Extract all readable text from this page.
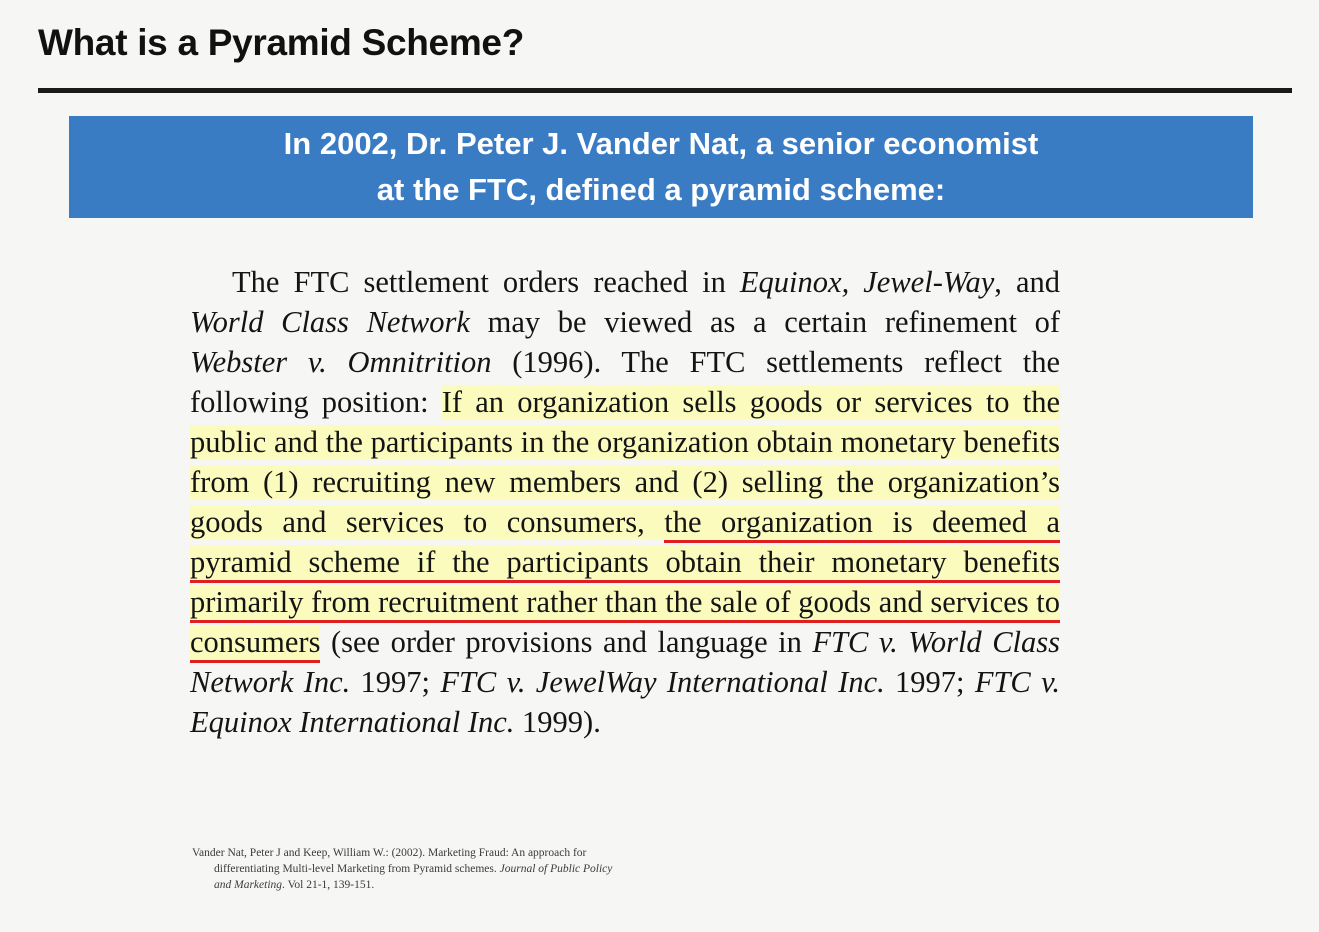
What is a Pyramid Scheme?
In 2002, Dr. Peter J. Vander Nat, a senior economist
at the FTC, defined a pyramid scheme:
The FTC settlement orders reached in Equinox, Jewel-Way, and World Class Network may be viewed as a certain refinement of Webster v. Omnitrition (1996). The FTC settlements reflect the following position: If an organization sells goods or services to the public and the participants in the organization obtain monetary benefits from (1) recruiting new members and (2) selling the organization’s goods and services to consumers, the organization is deemed a pyramid scheme if the participants obtain their monetary benefits primarily from recruitment rather than the sale of goods and services to consumers (see order provisions and language in FTC v. World Class Network Inc. 1997; FTC v. JewelWay International Inc. 1997; FTC v. Equinox International Inc. 1999).
Vander Nat, Peter J and Keep, William W.: (2002). Marketing Fraud: An approach for
differentiating Multi-level Marketing from Pyramid schemes. Journal of Public Policy
and Marketing. Vol 21-1, 139-151.
